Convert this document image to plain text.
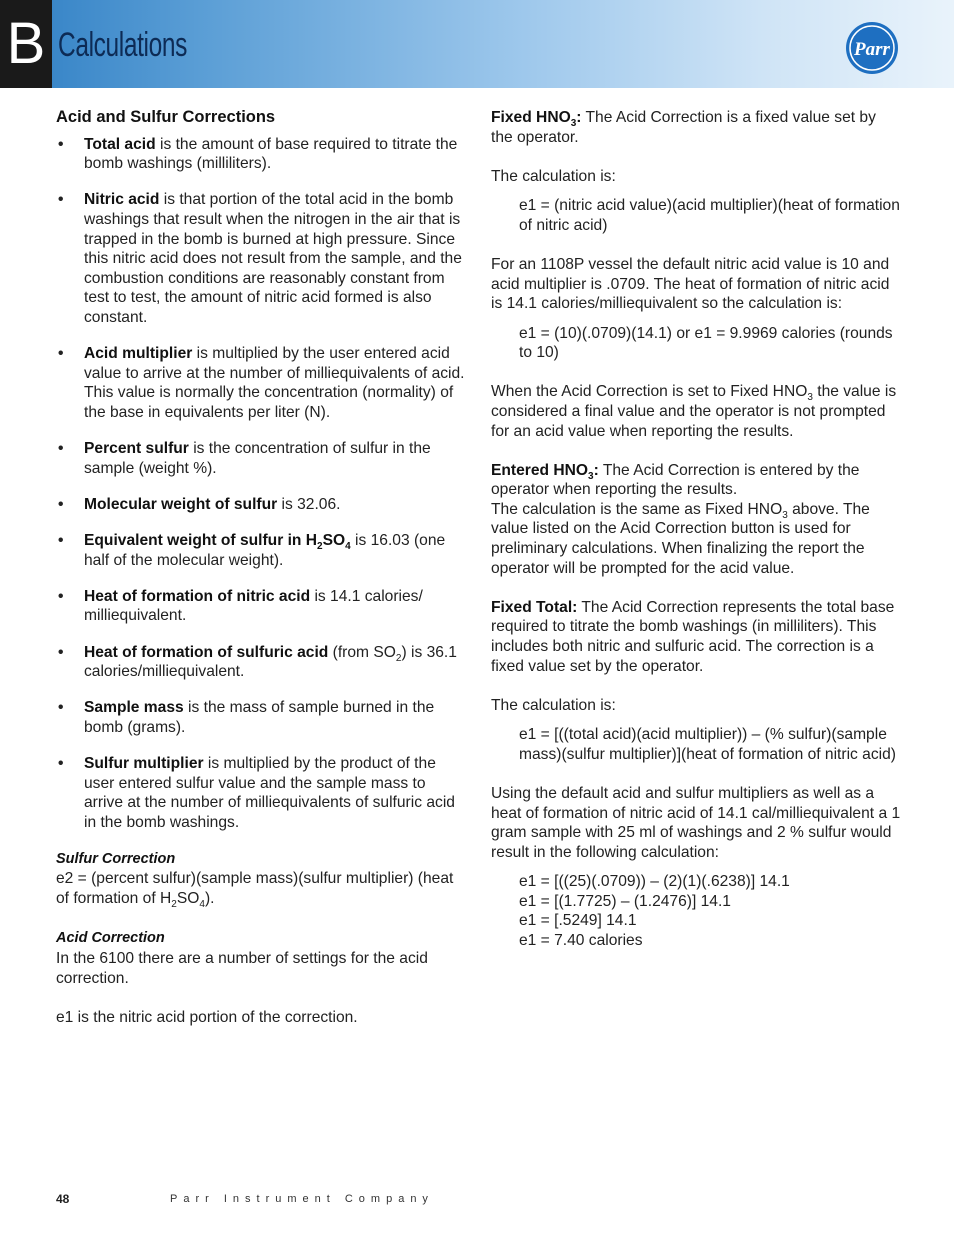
B Calculations	Parr
Acid and Sulfur Corrections
• Total acid is the amount of base required to titrate the bomb washings (milliliters).
• Nitric acid is that portion of the total acid in the bomb washings that result when the nitrogen in the air that is trapped in the bomb is burned at high pressure. Since this nitric acid does not result from the sample, and the combustion conditions are reasonably constant from test to test, the amount of nitric acid formed is also constant.
• Acid multiplier is multiplied by the user entered acid value to arrive at the number of milliequivalents of acid. This value is normally the concentration (normality) of the base in equivalents per liter (N).
• Percent sulfur is the concentration of sulfur in the sample (weight %).
• Molecular weight of sulfur is 32.06.
• Equivalent weight of sulfur in $H_2SO_4$ is 16.03 (one half of the molecular weight).
• Heat of formation of nitric acid is 14.1 calories/ milliequivalent.
• Heat of formation of sulfuric acid (from $SO_2$) is 36.1 calories/milliequivalent.
• Sample mass is the mass of sample burned in the bomb (grams).
• Sulfur multiplier is multiplied by the product of the user entered sulfur value and the sample mass to arrive at the number of milliequivalents of sulfuric acid in the bomb washings.
Sulfur Correction
e2 = (percent sulfur)(sample mass)(sulfur multiplier) (heat of formation of $H_2SO_4$).
Acid Correction
In the 6100 there are a number of settings for the acid correction.
e1 is the nitric acid portion of the correction.
Fixed $HNO_3$: The Acid Correction is a fixed value set by the operator.
The calculation is:
e1 = (nitric acid value)(acid multiplier)(heat of formation of nitric acid)
For an 1108P vessel the default nitric acid value is 10 and acid multiplier is .0709. The heat of formation of nitric acid is 14.1 calories/milliequivalent so the calculation is:
e1 = (10)(.0709)(14.1) or e1 = 9.9969 calories (rounds to 10)
When the Acid Correction is set to Fixed $HNO_3$ the value is considered a final value and the operator is not prompted for an acid value when reporting the results.
Entered $HNO_3$: The Acid Correction is entered by the operator when reporting the results.
The calculation is the same as Fixed $HNO_3$ above. The value listed on the Acid Correction button is used for preliminary calculations. When finalizing the report the operator will be prompted for the acid value.
Fixed Total: The Acid Correction represents the total base required to titrate the bomb washings (in milliliters). This includes both nitric and sulfuric acid. The correction is a fixed value set by the operator.
The calculation is:
e1 = [((total acid)(acid multiplier)) – (% sulfur)(sample mass)(sulfur multiplier)](heat of formation of nitric acid)
Using the default acid and sulfur multipliers as well as a heat of formation of nitric acid of 14.1 cal/milliequivalent a 1 gram sample with 25 ml of washings and 2 % sulfur would result in the following calculation:
e1 = [((25)(.0709)) – (2)(1)(.6238)] 14.1
e1 = [(1.7725) – (1.2476)] 14.1
e1 = [.5249] 14.1
e1 = 7.40 calories
48	Parr Instrument Company
